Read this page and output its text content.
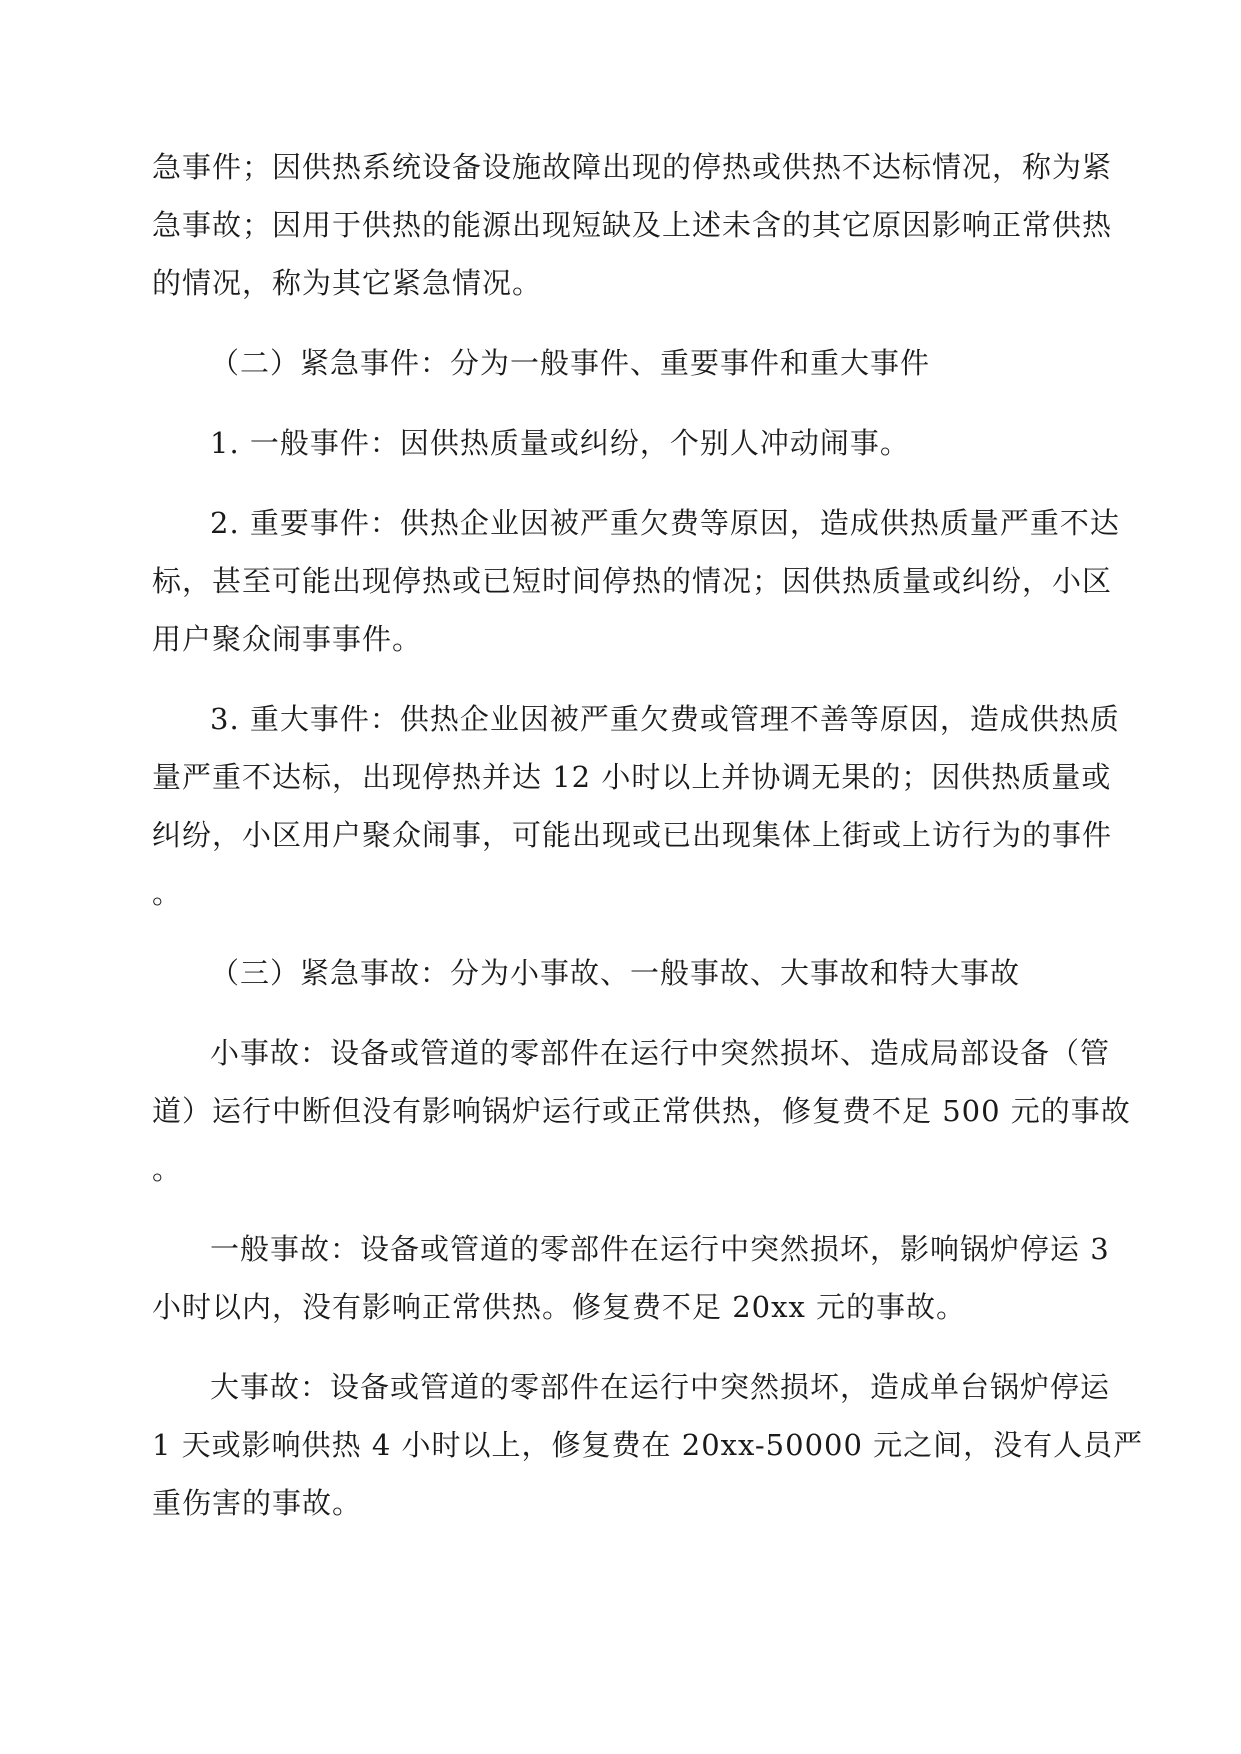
急事件；因供热系统设备设施故障出现的停热或供热不达标情况，称为紧
急事故；因用于供热的能源出现短缺及上述未含的其它原因影响正常供热
的情况，称为其它紧急情况。
（二）紧急事件：分为一般事件、重要事件和重大事件
1. 一般事件：因供热质量或纠纷，个别人冲动闹事。
2. 重要事件：供热企业因被严重欠费等原因，造成供热质量严重不达
标，甚至可能出现停热或已短时间停热的情况；因供热质量或纠纷，小区
用户聚众闹事事件。
3. 重大事件：供热企业因被严重欠费或管理不善等原因，造成供热质
量严重不达标，出现停热并达 12 小时以上并协调无果的；因供热质量或
纠纷，小区用户聚众闹事，可能出现或已出现集体上街或上访行为的事件
。
（三）紧急事故：分为小事故、一般事故、大事故和特大事故
小事故：设备或管道的零部件在运行中突然损坏、造成局部设备（管
道）运行中断但没有影响锅炉运行或正常供热，修复费不足 500 元的事故
。
一般事故：设备或管道的零部件在运行中突然损坏，影响锅炉停运 3
小时以内，没有影响正常供热。修复费不足 20xx 元的事故。
大事故：设备或管道的零部件在运行中突然损坏，造成单台锅炉停运
1 天或影响供热 4 小时以上，修复费在 20xx-50000 元之间，没有人员严
重伤害的事故。
